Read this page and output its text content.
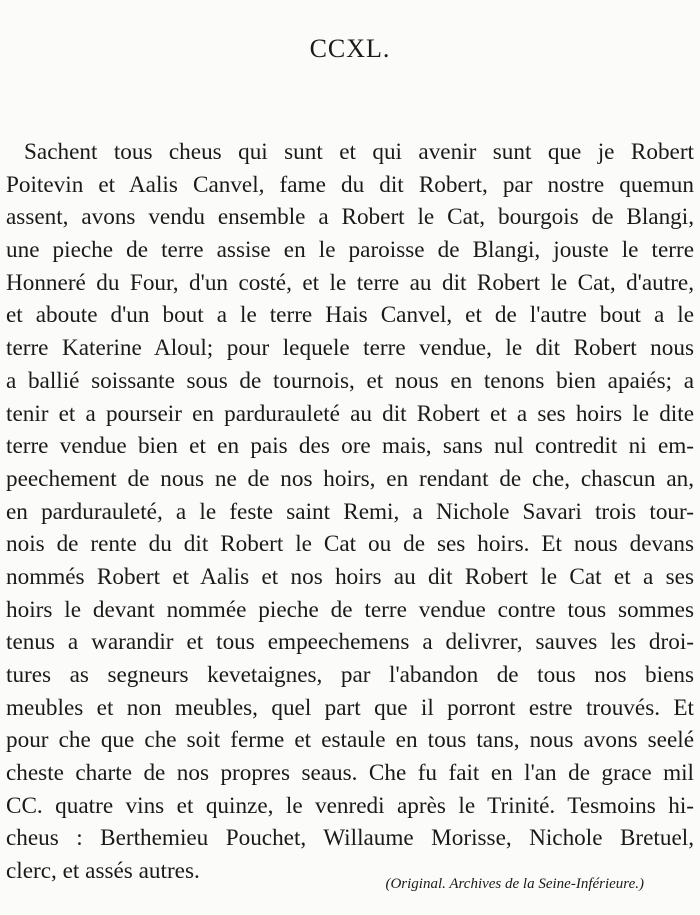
CCXL.
Sachent tous cheus qui sunt et qui avenir sunt que je Robert
Poitevin et Aalis Canvel, fame du dit Robert, par nostre quemun
assent, avons vendu ensemble a Robert le Cat, bourgois de Blangi,
une pieche de terre assise en le paroisse de Blangi, jouste le terre
Honneré du Four, d'un costé, et le terre au dit Robert le Cat, d'autre,
et aboute d'un bout a le terre Hais Canvel, et de l'autre bout a le
terre Katerine Aloul; pour lequele terre vendue, le dit Robert nous
a ballié soissante sous de tournois, et nous en tenons bien apaiés; a
tenir et a pourseir en parduraulеté au dit Robert et a ses hoirs le dite
terre vendue bien et en pais des ore mais, sans nul contredit ni em-
peechement de nous ne de nos hoirs, en rendant de che, chascun an,
en parduraulеté, a le feste saint Remi, a Nichole Savari trois tour-
nois de rente du dit Robert le Cat ou de ses hoirs. Et nous devans
nommés Robert et Aalis et nos hoirs au dit Robert le Cat et a ses
hoirs le devant nommée pieche de terre vendue contre tous sommes
tenus a warandir et tous empeechemens a delivrer, sauves les droi-
tures as segneurs kevetaignes, par l'abandon de tous nos biens
meubles et non meubles, quel part que il porront estre trouvés. Et
pour che que che soit ferme et estaule en tous tans, nous avons seelé
cheste charte de nos propres seaus. Che fu fait en l'an de grace mil
CC. quatre vins et quinze, le venredi après le Trinité. Tesmoins hi-
cheus : Berthemieu Pouchet, Willaume Morisse, Nichole Bretuel,
clerc, et assés autres.	(Original. Archives de la Seine-Inférieure.)
